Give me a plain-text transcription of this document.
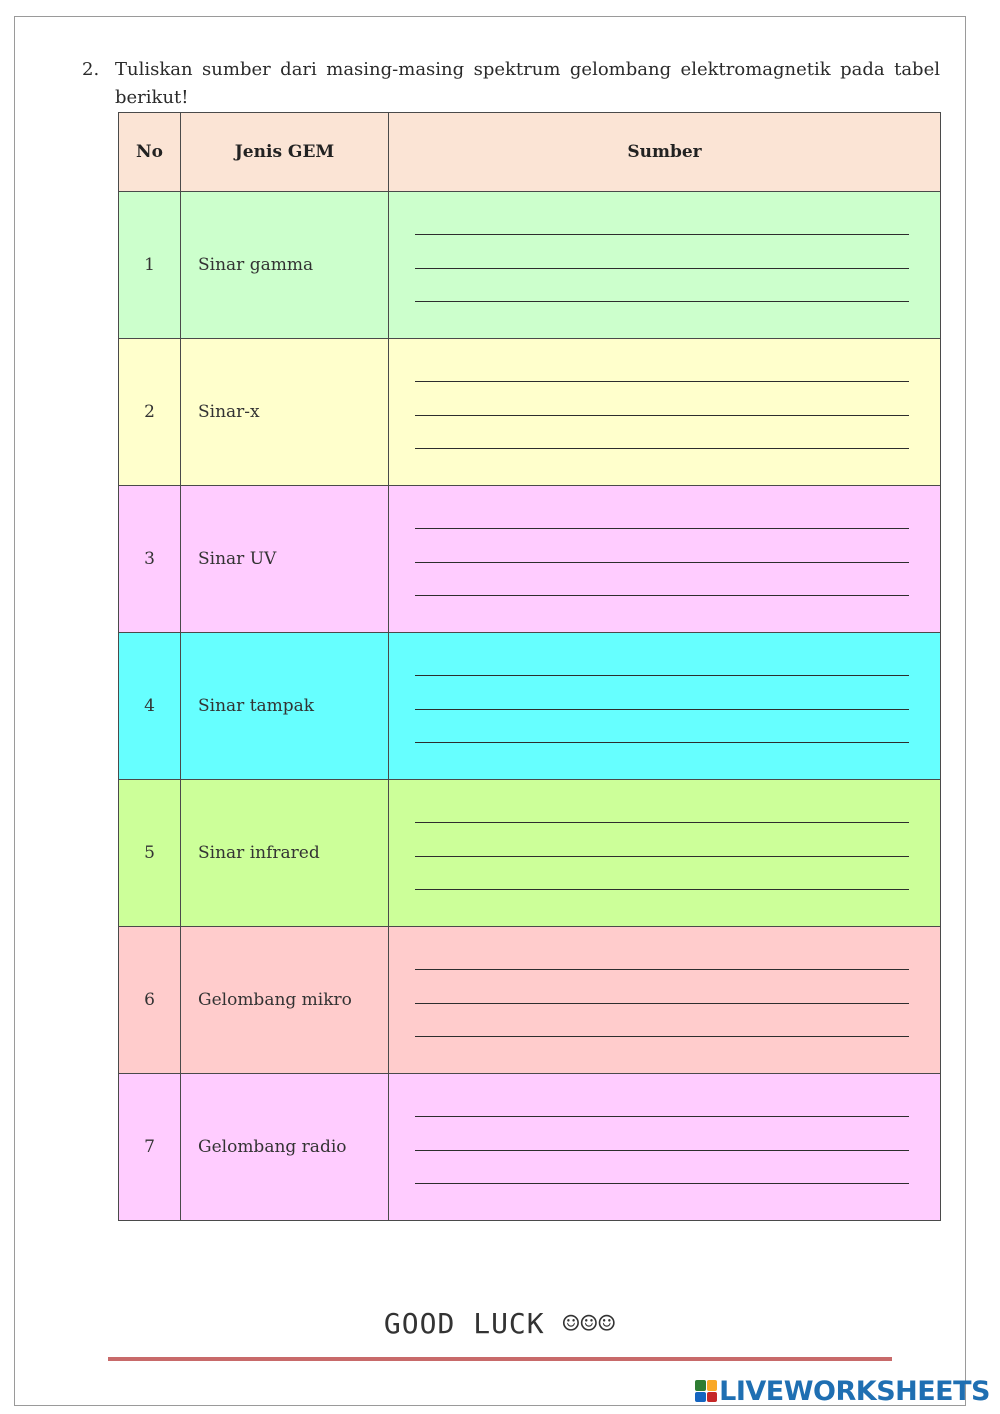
2. Tuliskan sumber dari masing-masing spektrum gelombang elektromagnetik pada tabel berikut!
No	Jenis GEM	Sumber
1	Sinar gamma	

2	Sinar-x	

3	Sinar UV	

4	Sinar tampak	

5	Sinar infrared	

6	Gelombang mikro	

7	Gelombang radio	
GOOD LUCK ☺☺☺
LIVEWORKSHEETS
